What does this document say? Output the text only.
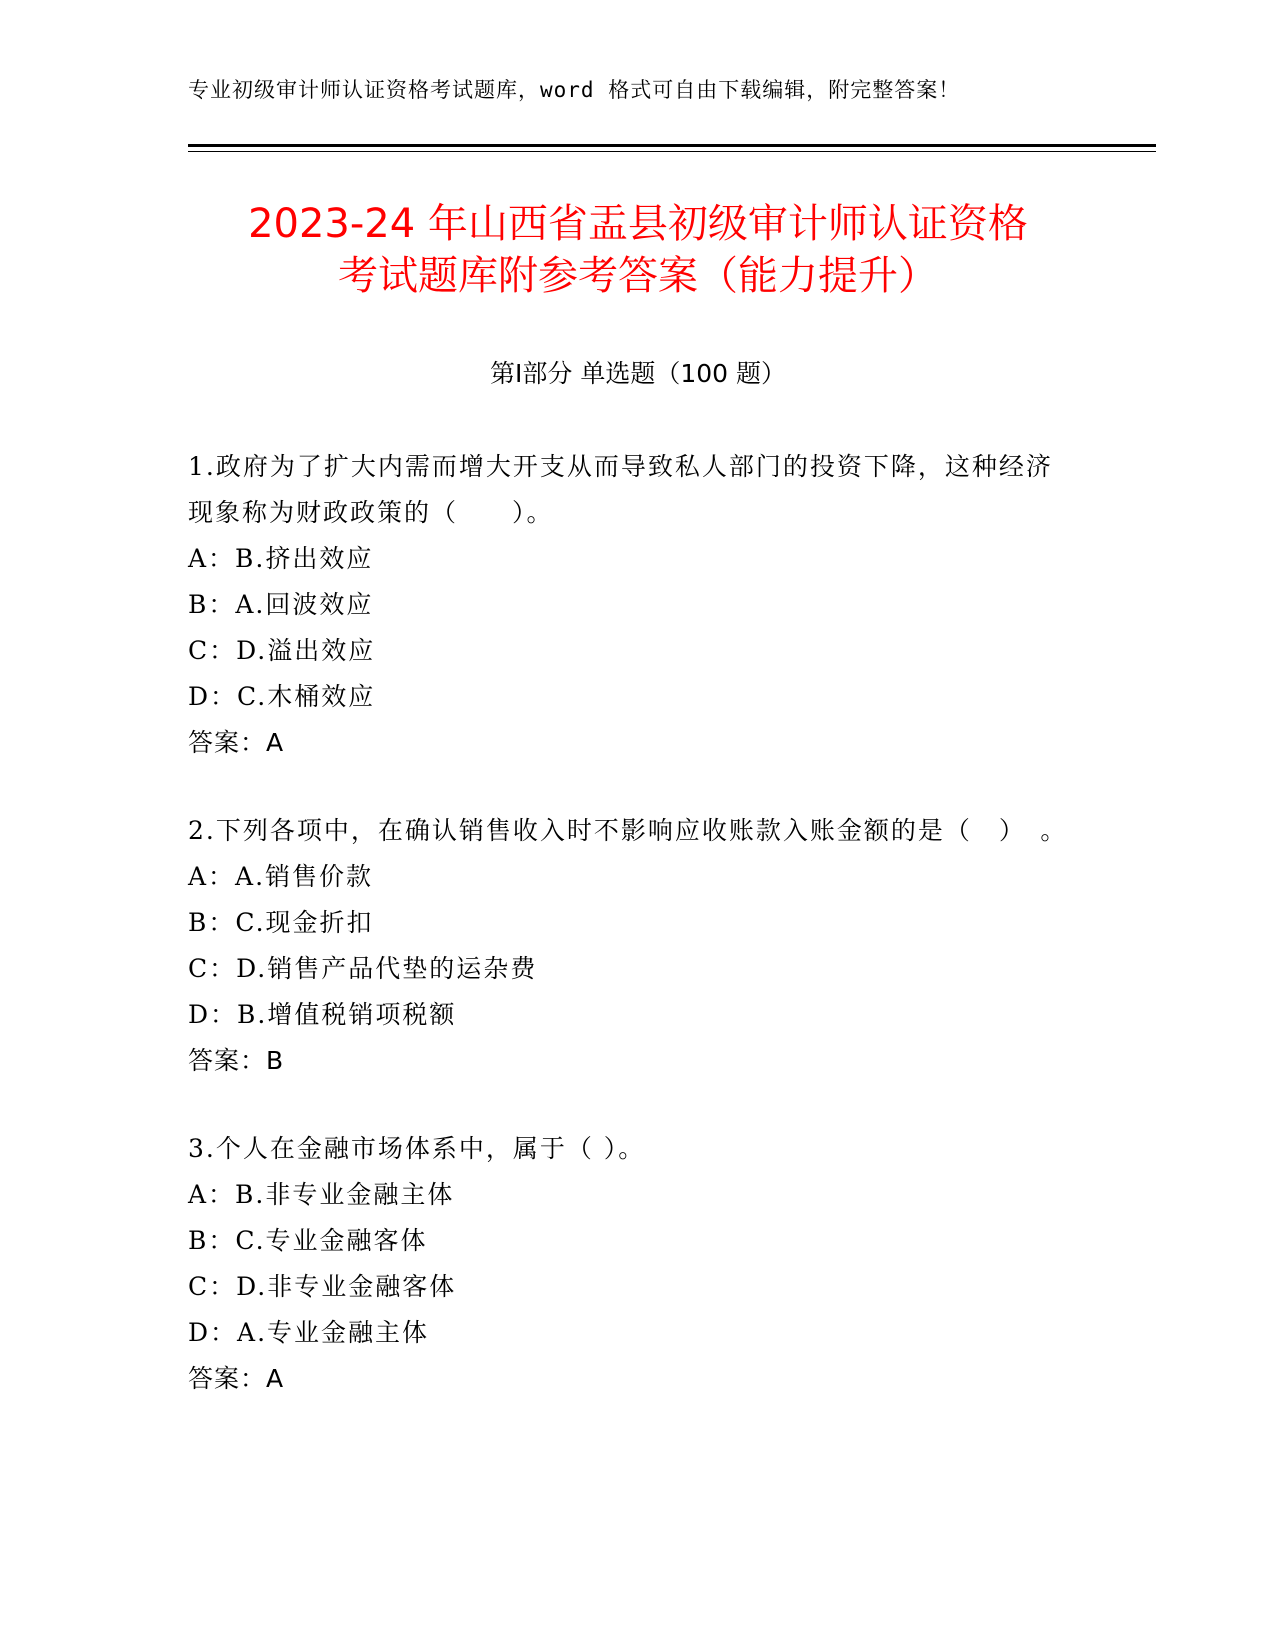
专业初级审计师认证资格考试题库，word 格式可自由下载编辑，附完整答案！
2023-24 年山西省盂县初级审计师认证资格
考试题库附参考答案（能力提升）
第Ⅰ部分 单选题（100 题）

1.政府为了扩大内需而增大开支从而导致私人部门的投资下降，这种经济现象称为财政政策的（　　）。

A：B.挤出效应
B：A.回波效应
C：D.溢出效应
D：C.木桶效应
答案：A

2.下列各项中，在确认销售收入时不影响应收账款入账金额的是（　）　。

A：A.销售价款
B：C.现金折扣
C：D.销售产品代垫的运杂费
D：B.增值税销项税额
答案：B

3.个人在金融市场体系中，属于（ ）。

A：B.非专业金融主体
B：C.专业金融客体
C：D.非专业金融客体
D：A.专业金融主体
答案：A
